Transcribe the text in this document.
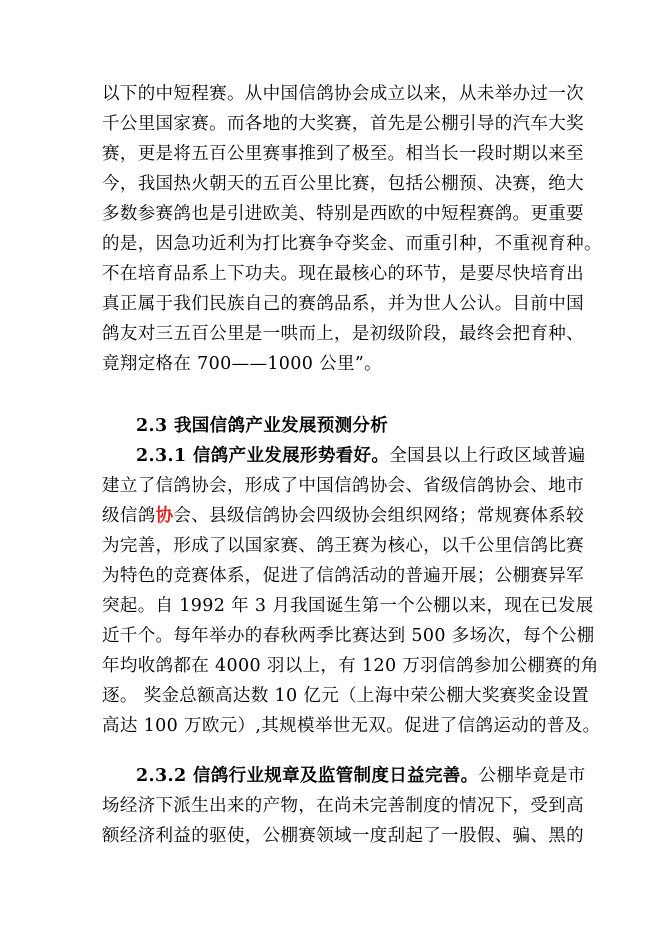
以下的中短程赛。从中国信鸽协会成立以来，从未举办过一次
千公里国家赛。而各地的大奖赛，首先是公棚引导的汽车大奖
赛，更是将五百公里赛事推到了极至。相当长一段时期以来至
今，我国热火朝天的五百公里比赛，包括公棚预、决赛，绝大
多数参赛鸽也是引进欧美、特别是西欧的中短程赛鸽。更重要
的是，因急功近利为打比赛争夺奖金、而重引种，不重视育种。
不在培育品系上下功夫。现在最核心的环节，是要尽快培育出
真正属于我们民族自己的赛鸽品系，并为世人公认。目前中国
鸽友对三五百公里是一哄而上，是初级阶段，最终会把育种、
竟翔定格在 700——1000 公里”。
2.3 我国信鸽产业发展预测分析
2.3.1 信鸽产业发展形势看好。全国县以上行政区域普遍
建立了信鸽协会，形成了中国信鸽协会、省级信鸽协会、地市
级信鸽协会、县级信鸽协会四级协会组织网络；常规赛体系较
为完善，形成了以国家赛、鸽王赛为核心，以千公里信鸽比赛
为特色的竞赛体系，促进了信鸽活动的普遍开展；公棚赛异军
突起。自 1992 年 3 月我国诞生第一个公棚以来，现在已发展
近千个。每年举办的春秋两季比赛达到 500 多场次，每个公棚
年均收鸽都在 4000 羽以上，有 120 万羽信鸽参加公棚赛的角
逐。 奖金总额高达数 10 亿元（上海中荣公棚大奖赛奖金设置
高达 100 万欧元）,其规模举世无双。促进了信鸽运动的普及。
2.3.2 信鸽行业规章及监管制度日益完善。公棚毕竟是市
场经济下派生出来的产物，在尚未完善制度的情况下，受到高
额经济利益的驱使，公棚赛领域一度刮起了一股假、骗、黑的
